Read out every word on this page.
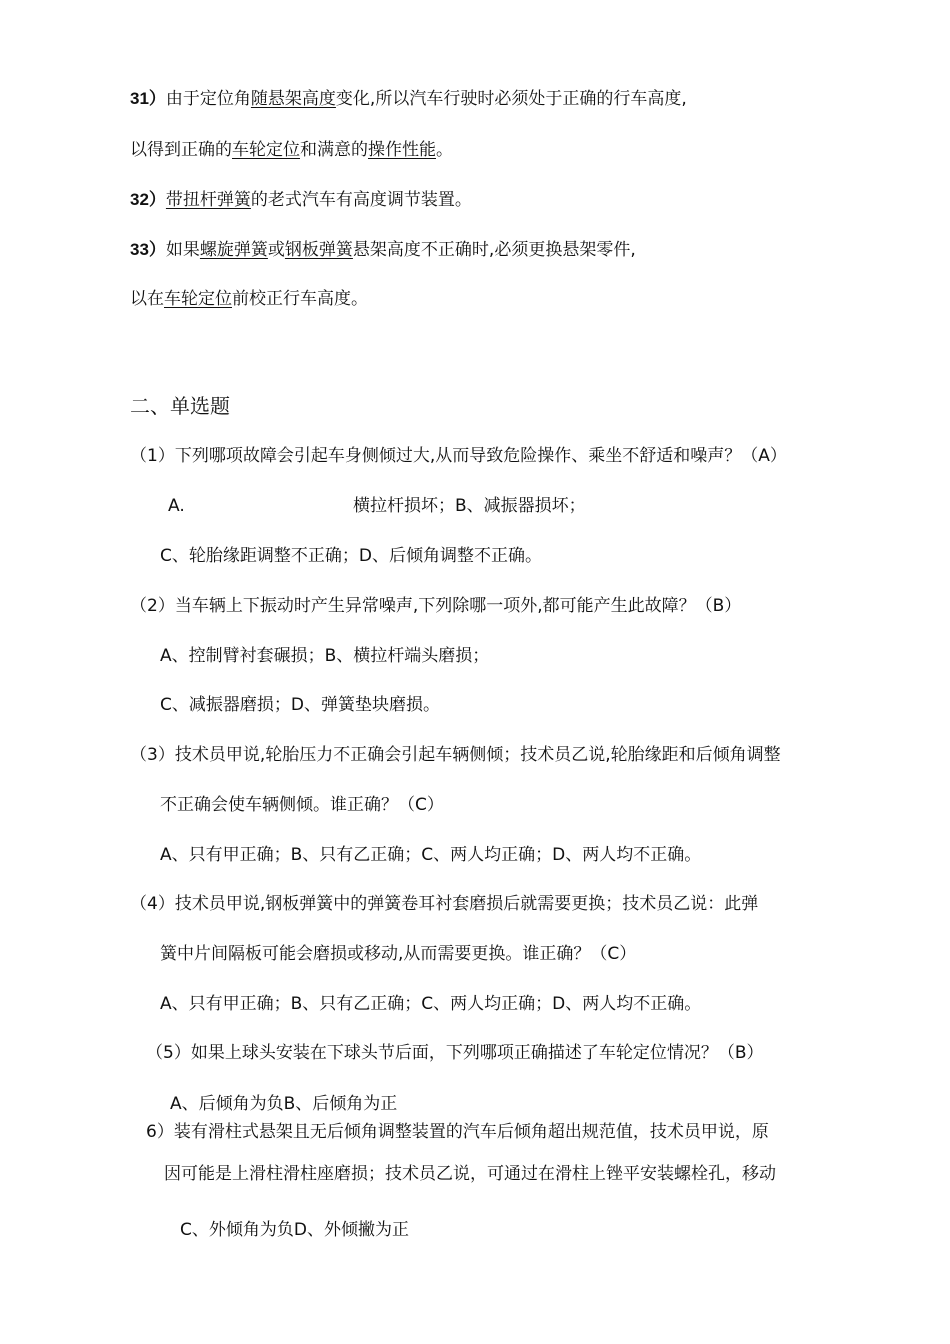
31）由于定位角随悬架高度变化,所以汽车行驶时必须处于正确的行车高度,
以得到正确的车轮定位和满意的操作性能。
32）带扭杆弹簧的老式汽车有高度调节装置。
33）如果螺旋弹簧或钢板弹簧悬架高度不正确时,必须更换悬架零件,
以在车轮定位前校正行车高度。
二、单选题
（1）下列哪项故障会引起车身侧倾过大,从而导致危险操作、乘坐不舒适和噪声？（A）
A.	横拉杆损坏；B、减振器损坏；
C、轮胎缘距调整不正确；D、后倾角调整不正确。
（2）当车辆上下振动时产生异常噪声,下列除哪一项外,都可能产生此故障？（B）
A、控制臂衬套碾损；B、横拉杆端头磨损；
C、减振器磨损；D、弹簧垫块磨损。
（3）技术员甲说,轮胎压力不正确会引起车辆侧倾；技术员乙说,轮胎缘距和后倾角调整
不正确会使车辆侧倾。谁正确？（C）
A、只有甲正确；B、只有乙正确；C、两人均正确；D、两人均不正确。
（4）技术员甲说,钢板弹簧中的弹簧卷耳衬套磨损后就需要更换；技术员乙说：此弹
簧中片间隔板可能会磨损或移动,从而需要更换。谁正确？（C）
A、只有甲正确；B、只有乙正确；C、两人均正确；D、两人均不正确。
（5）如果上球头安装在下球头节后面，下列哪项正确描述了车轮定位情况？（B）
A、后倾角为负B、后倾角为正
6）装有滑柱式悬架且无后倾角调整装置的汽车后倾角超出规范值，技术员甲说，原
因可能是上滑柱滑柱座磨损；技术员乙说，可通过在滑柱上锉平安装螺栓孔，移动
C、外倾角为负D、外倾撇为正
